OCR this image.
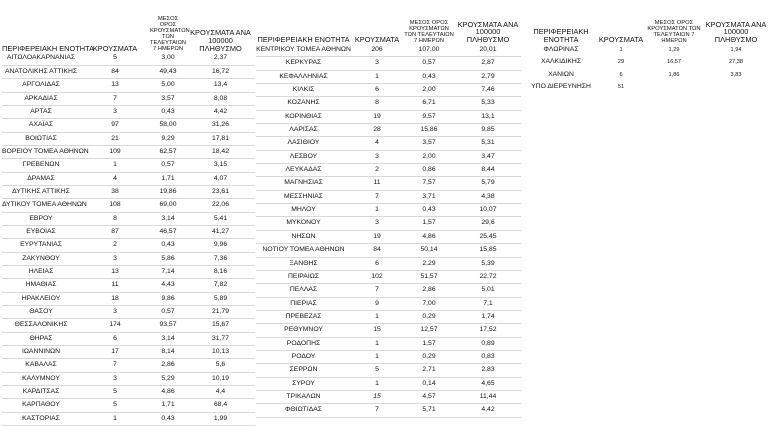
ΠΕΡΙΦΕΡΕΙΑΚΗ ΕΝΟΤΗΤΑ	ΚΡΟΥΣΜΑΤΑ	ΜΕΣΟΣ ΟΡΟΣ ΚΡΟΥΣΜΑΤΩΝ ΤΩΝ ΤΕΛΕΥΤΑΙΩΝ 7 ΗΜΕΡΩΝ	ΚΡΟΥΣΜΑΤΑ ΑΝΑ 100000 ΠΛΗΘΥΣΜΟ
ΑΙΤΩΛΟΑΚΑΡΝΑΝΙΑΣ	5	3,00	2,37
ΑΝΑΤΟΛΙΚΗΣ ΑΤΤΙΚΗΣ	84	49,43	16,72
ΑΡΓΟΛΙΔΑΣ	13	5,00	13,4
ΑΡΚΑΔΙΑΣ	7	3,57	8,08
ΑΡΤΑΣ	3	0,43	4,42
ΑΧΑΪΑΣ	97	58,00	31,26
ΒΟΙΩΤΙΑΣ	21	9,29	17,81
ΒΟΡΕΙΟΥ ΤΟΜΕΑ ΑΘΗΝΩΝ	109	62,57	18,42
ΓΡΕΒΕΝΩΝ	1	0,57	3,15
ΔΡΑΜΑΣ	4	1,71	4,07
ΔΥΤΙΚΗΣ ΑΤΤΙΚΗΣ	38	19,86	23,61
ΔΥΤΙΚΟΥ ΤΟΜΕΑ ΑΘΗΝΩΝ	108	69,00	22,06
ΕΒΡΟΥ	8	3,14	5,41
ΕΥΒΟΙΑΣ	87	46,57	41,27
ΕΥΡΥΤΑΝΙΑΣ	2	0,43	9,96
ΖΑΚΥΝΘΟΥ	3	5,86	7,36
ΗΛΕΙΑΣ	13	7,14	8,16
ΗΜΑΘΙΑΣ	11	4,43	7,82
ΗΡΑΚΛΕΙΟΥ	18	9,86	5,89
ΘΑΣΟΥ	3	0,57	21,79
ΘΕΣΣΑΛΟΝΙΚΗΣ	174	93,57	15,67
ΘΗΡΑΣ	6	3,14	31,77
ΙΩΑΝΝΙΝΩΝ	17	8,14	10,13
ΚΑΒΑΛΑΣ	7	2,86	5,6
ΚΑΛΥΜΝΟΥ	3	5,29	10,19
ΚΑΡΔΙΤΣΑΣ	5	4,86	4,4
ΚΑΡΠΑΘΟΥ	5	1,71	68,4
ΚΑΣΤΟΡΙΑΣ	1	0,43	1,99
ΠΕΡΙΦΕΡΕΙΑΚΗ ΕΝΟΤΗΤΑ	ΚΡΟΥΣΜΑΤΑ	ΜΕΣΟΣ ΟΡΟΣ ΚΡΟΥΣΜΑΤΩΝ ΤΩΝ ΤΕΛΕΥΤΑΙΩΝ 7 ΗΜΕΡΩΝ	ΚΡΟΥΣΜΑΤΑ ΑΝΑ 100000 ΠΛΗΘΥΣΜΟ
ΚΕΝΤΡΙΚΟΥ ΤΟΜΕΑ ΑΘΗΝΩΝ	206	107,00	20,01
ΚΕΡΚΥΡΑΣ	3	0,57	2,87
ΚΕΦΑΛΛΗΝΙΑΣ	1	0,43	2,79
ΚΙΛΚΙΣ	6	2,00	7,46
ΚΟΖΑΝΗΣ	8	6,71	5,33
ΚΟΡΙΝΘΙΑΣ	19	9,57	13,1
ΛΑΡΙΣΑΣ	28	15,86	9,85
ΛΑΣΙΘΙΟΥ	4	3,57	5,31
ΛΕΣΒΟΥ	3	2,00	3,47
ΛΕΥΚΑΔΑΣ	2	0,86	8,44
ΜΑΓΝΗΣΙΑΣ	11	7,57	5,79
ΜΕΣΣΗΝΙΑΣ	7	3,71	4,38
ΜΗΛΟΥ	1	0,43	10,07
ΜΥΚΟΝΟΥ	3	1,57	29,6
ΝΗΣΩΝ	19	4,86	25,45
ΝΟΤΙΟΥ ΤΟΜΕΑ ΑΘΗΝΩΝ	84	50,14	15,85
ΞΑΝΘΗΣ	6	2,29	5,39
ΠΕΙΡΑΙΩΣ	102	51,57	22,72
ΠΕΛΛΑΣ	7	2,86	5,01
ΠΙΕΡΙΑΣ	9	7,00	7,1
ΠΡΕΒΕΖΑΣ	1	0,29	1,74
ΡΕΘΥΜΝΟΥ	15	12,57	17,52
ΡΟΔΟΠΗΣ	1	1,57	0,89
ΡΟΔΟΥ	1	0,29	0,83
ΣΕΡΡΩΝ	5	2,71	2,83
ΣΥΡΟΥ	1	0,14	4,65
ΤΡΙΚΑΛΩΝ	15	4,57	11,44
ΦΘΙΩΤΙΔΑΣ	7	5,71	4,42
ΠΕΡΙΦΕΡΕΙΑΚΗ ΕΝΟΤΗΤΑ	ΚΡΟΥΣΜΑΤΑ	ΜΕΣΟΣ ΟΡΟΣ ΚΡΟΥΣΜΑΤΩΝ ΤΩΝ ΤΕΛΕΥΤΑΙΩΝ 7 ΗΜΕΡΩΝ	ΚΡΟΥΣΜΑΤΑ ΑΝΑ 100000 ΠΛΗΘΥΣΜΟ
ΦΛΩΡΙΝΑΣ	1	1,29	1,94
ΧΑΛΚΙΔΙΚΗΣ	29	16,57	27,38
ΧΑΝΙΩΝ	6	1,86	3,83
ΥΠΟ ΔΙΕΡΕΥΝΗΣΗ	51		
